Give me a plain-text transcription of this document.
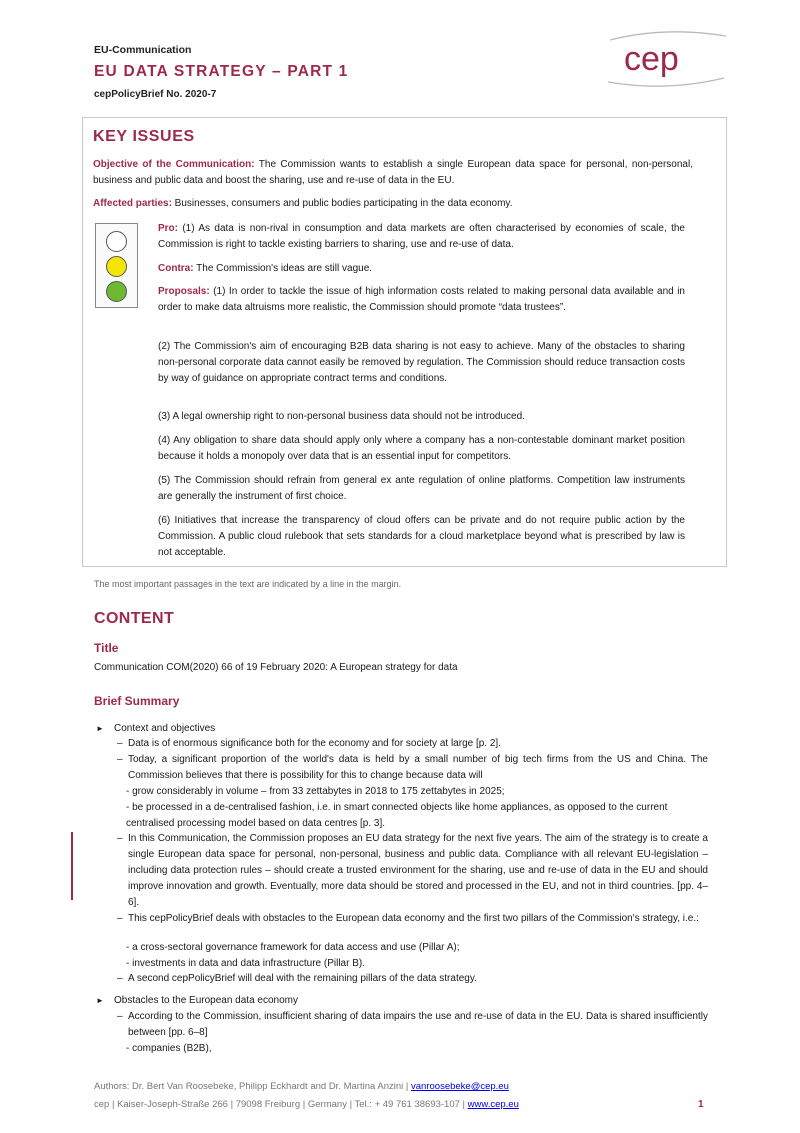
EU-Communication
EU DATA STRATEGY – PART 1
cepPolicyBrief No. 2020-7
cep
KEY ISSUES

Objective of the Communication: The Commission wants to establish a single European data space for personal, non-personal, business and public data and boost the sharing, use and re-use of data in the EU.

Affected parties: Businesses, consumers and public bodies participating in the data economy.

Pro: (1) As data is non-rival in consumption and data markets are often characterised by economies of scale, the Commission is right to tackle existing barriers to sharing, use and re-use of data.

Contra: The Commission's ideas are still vague.

Proposals: (1) In order to tackle the issue of high information costs related to making personal data available and in order to make data altruisms more realistic, the Commission should promote “data trustees”.

(2) The Commission's aim of encouraging B2B data sharing is not easy to achieve. Many of the obstacles to sharing non-personal corporate data cannot easily be removed by regulation. The Commission should reduce transaction costs by way of guidance on appropriate contract terms and conditions.

(3) A legal ownership right to non-personal business data should not be introduced.

(4) Any obligation to share data should apply only where a company has a non-contestable dominant market position because it holds a monopoly over data that is an essential input for competitors.

(5) The Commission should refrain from general ex ante regulation of online platforms. Competition law instruments are generally the instrument of first choice.

(6) Initiatives that increase the transparency of cloud offers can be private and do not require public action by the Commission. A public cloud rulebook that sets standards for a cloud marketplace beyond what is prescribed by law is not acceptable.

The most important passages in the text are indicated by a line in the margin.
CONTENT
Title
Communication COM(2020) 66 of 19 February 2020: A European strategy for data
Brief Summary
► Context and objectives

– Data is of enormous significance both for the economy and for society at large [p. 2].

– Today, a significant proportion of the world's data is held by a small number of big tech firms from the US and China. The Commission believes that there is possibility for this to change because data will

- grow considerably in volume – from 33 zettabytes in 2018 to 175 zettabytes in 2025;

- be processed in a de-centralised fashion, i.e. in smart connected objects like home appliances, as opposed to the current centralised processing model based on data centres [p. 3].

– In this Communication, the Commission proposes an EU data strategy for the next five years. The aim of the strategy is to create a single European data space for personal, non-personal, business and public data. Compliance with all relevant EU-legislation – including data protection rules – should create a trusted environment for the sharing, use and re-use of data in the EU and should improve innovation and growth. Eventually, more data should be stored and processed in the EU, and not in third countries. [pp. 4–6].

– This cepPolicyBrief deals with obstacles to the European data economy and the first two pillars of the Commission's strategy, i.e.:

- a cross-sectoral governance framework for data access and use (Pillar A);

- investments in data and data infrastructure (Pillar B).

– A second cepPolicyBrief will deal with the remaining pillars of the data strategy.

► Obstacles to the European data economy

– According to the Commission, insufficient sharing of data impairs the use and re-use of data in the EU. Data is shared insufficiently between [pp. 6–8]

- companies (B2B),

Authors: Dr. Bert Van Roosebeke, Philipp Eckhardt and Dr. Martina Anzini | vanroosebeke@cep.eu
cep | Kaiser-Joseph-Straße 266 | 79098 Freiburg | Germany | Tel.: + 49 761 38693-107 | www.cep.eu	1
